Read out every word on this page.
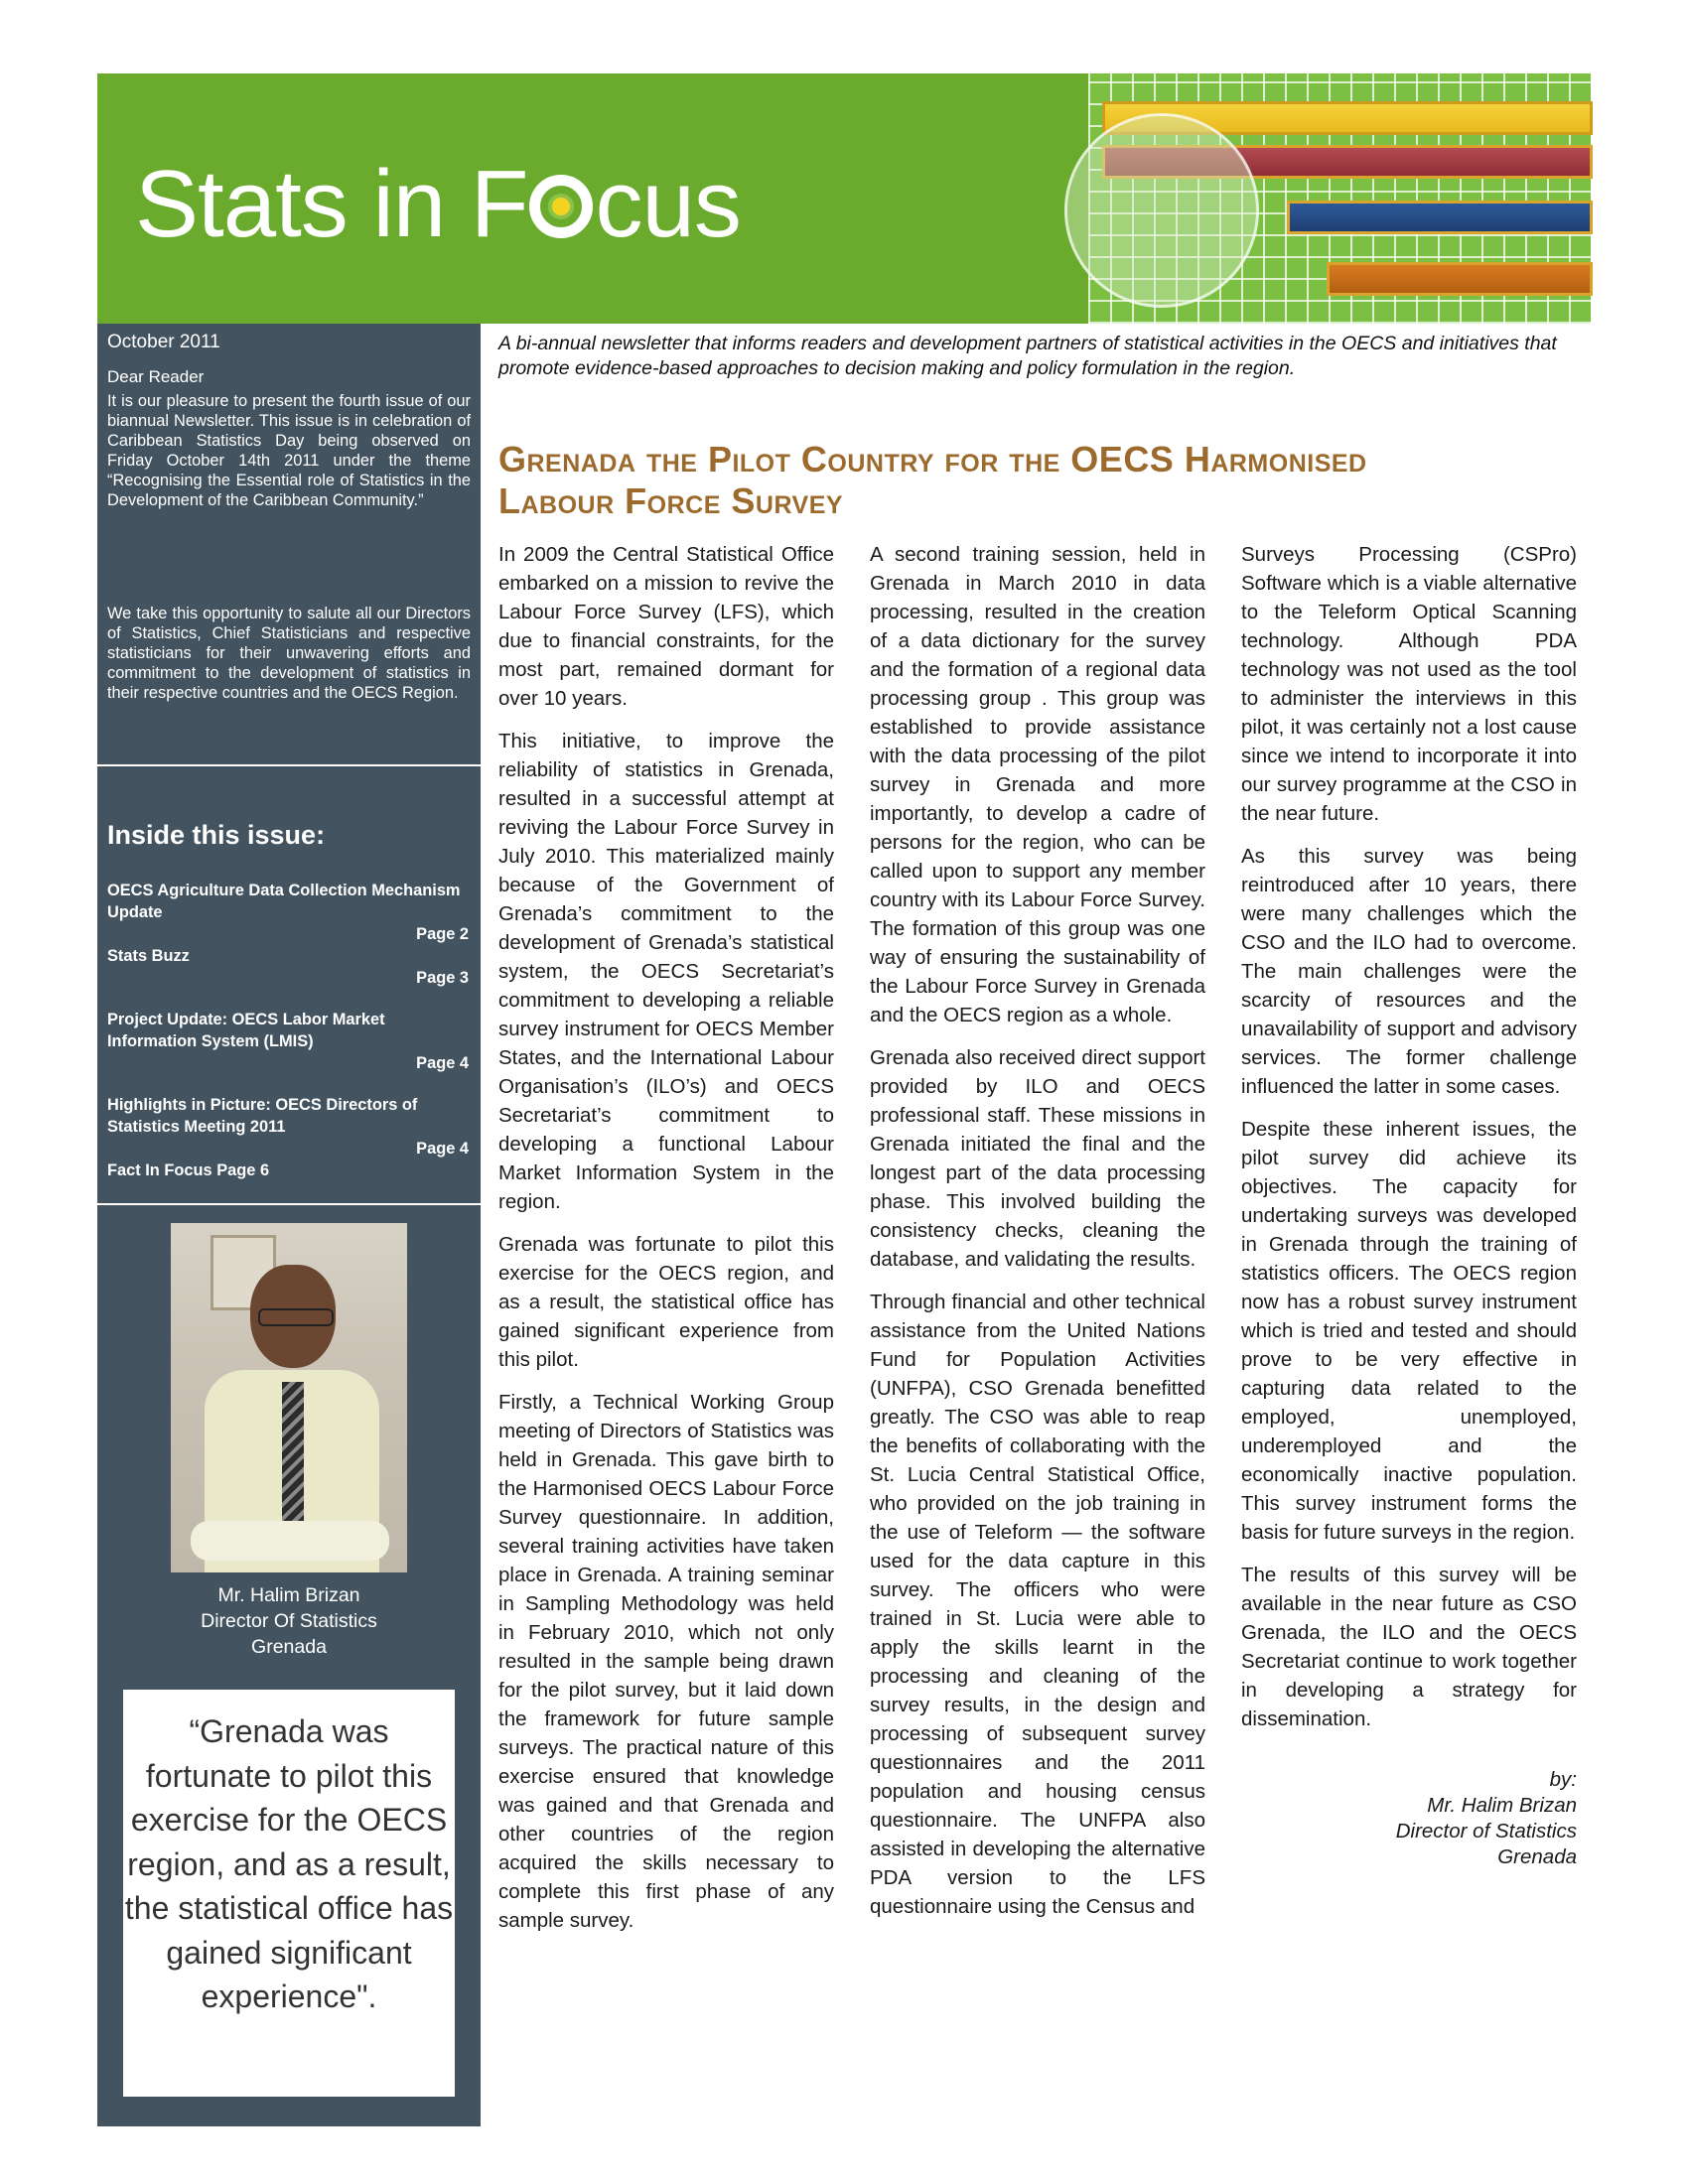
Stats in F cus
October 2011
Dear Reader
It is our pleasure to present the fourth issue of our biannual Newsletter. This issue is in celebration of Caribbean Statistics Day being observed on Friday October 14th 2011 under the theme “Recognising the Essential role of Statistics in the Development of the Caribbean Community.”
We take this opportunity to salute all our Directors of Statistics, Chief Statisticians and respective statisticians for their unwavering efforts and commitment to the development of statistics in their respective countries and the OECS Region.
Inside this issue:
OECS Agriculture Data Collection Mechanism Update
Page 2
Stats Buzz
Page 3
Project Update: OECS Labor Market Information System (LMIS)
Page 4
Highlights in Picture: OECS Directors of Statistics Meeting 2011
Page 4
Fact In Focus Page 6
Mr. Halim Brizan
Director Of Statistics
Grenada
“Grenada was fortunate to pilot this exercise for the OECS region, and as a result, the statistical office has gained significant experience".
A bi-annual newsletter that informs readers and development partners of statistical activities in the OECS and initiatives that promote evidence-based approaches to decision making and policy formulation in the region.
Grenada the Pilot Country for the OECS Harmonised
Labour Force Survey

In 2009 the Central Statistical Office embarked on a mission to revive the Labour Force Survey (LFS), which due to financial constraints, for the most part, remained dormant for over 10 years.

This initiative, to improve the reliability of statistics in Grenada, resulted in a successful attempt at reviving the Labour Force Survey in July 2010. This materialized mainly because of the Government of Grenada’s commitment to the development of Grenada’s statistical system, the OECS Secretariat’s commitment to developing a reliable survey instrument for OECS Member States, and the International Labour Organisation’s (ILO’s) and OECS Secretariat’s commitment to developing a functional Labour Market Information System in the region.

Grenada was fortunate to pilot this exercise for the OECS region, and as a result, the statistical office has gained significant experience from this pilot.

Firstly, a Technical Working Group meeting of Directors of Statistics was held in Grenada. This gave birth to the Harmonised OECS Labour Force Survey questionnaire. In addition, several training activities have taken place in Grenada. A training seminar in Sampling Methodology was held in February 2010, which not only resulted in the sample being drawn for the pilot survey, but it laid down the framework for future sample surveys. The practical nature of this exercise ensured that knowledge was gained and that Grenada and other countries of the region acquired the skills necessary to complete this first phase of any sample survey.

A second training session, held in Grenada in March 2010 in data processing, resulted in the creation of a data dictionary for the survey and the formation of a regional data processing group . This group was established to provide assistance with the data processing of the pilot survey in Grenada and more importantly, to develop a cadre of persons for the region, who can be called upon to support any member country with its Labour Force Survey. The formation of this group was one way of ensuring the sustainability of the Labour Force Survey in Grenada and the OECS region as a whole.

Grenada also received direct support provided by ILO and OECS professional staff. These missions in Grenada initiated the final and the longest part of the data processing phase. This involved building the consistency checks, cleaning the database, and validating the results.

Through financial and other technical assistance from the United Nations Fund for Population Activities (UNFPA), CSO Grenada benefitted greatly. The CSO was able to reap the benefits of collaborating with the St. Lucia Central Statistical Office, who provided on the job training in the use of Teleform — the software used for the data capture in this survey. The officers who were trained in St. Lucia were able to apply the skills learnt in the processing and cleaning of the survey results, in the design and processing of subsequent survey questionnaires and the 2011 population and housing census questionnaire. The UNFPA also assisted in developing the alternative PDA version to the LFS questionnaire using the Census and

Surveys Processing (CSPro) Software which is a viable alternative to the Teleform Optical Scanning technology. Although PDA technology was not used as the tool to administer the interviews in this pilot, it was certainly not a lost cause since we intend to incorporate it into our survey programme at the CSO in the near future.

As this survey was being reintroduced after 10 years, there were many challenges which the CSO and the ILO had to overcome. The main challenges were the scarcity of resources and the unavailability of support and advisory services. The former challenge influenced the latter in some cases.

Despite these inherent issues, the pilot survey did achieve its objectives. The capacity for undertaking surveys was developed in Grenada through the training of statistics officers. The OECS region now has a robust survey instrument which is tried and tested and should prove to be very effective in capturing data related to the employed, unemployed, underemployed and the economically inactive population. This survey instrument forms the basis for future surveys in the region.

The results of this survey will be available in the near future as CSO Grenada, the ILO and the OECS Secretariat continue to work together in developing a strategy for dissemination.

by:
Mr. Halim Brizan
Director of Statistics
Grenada
